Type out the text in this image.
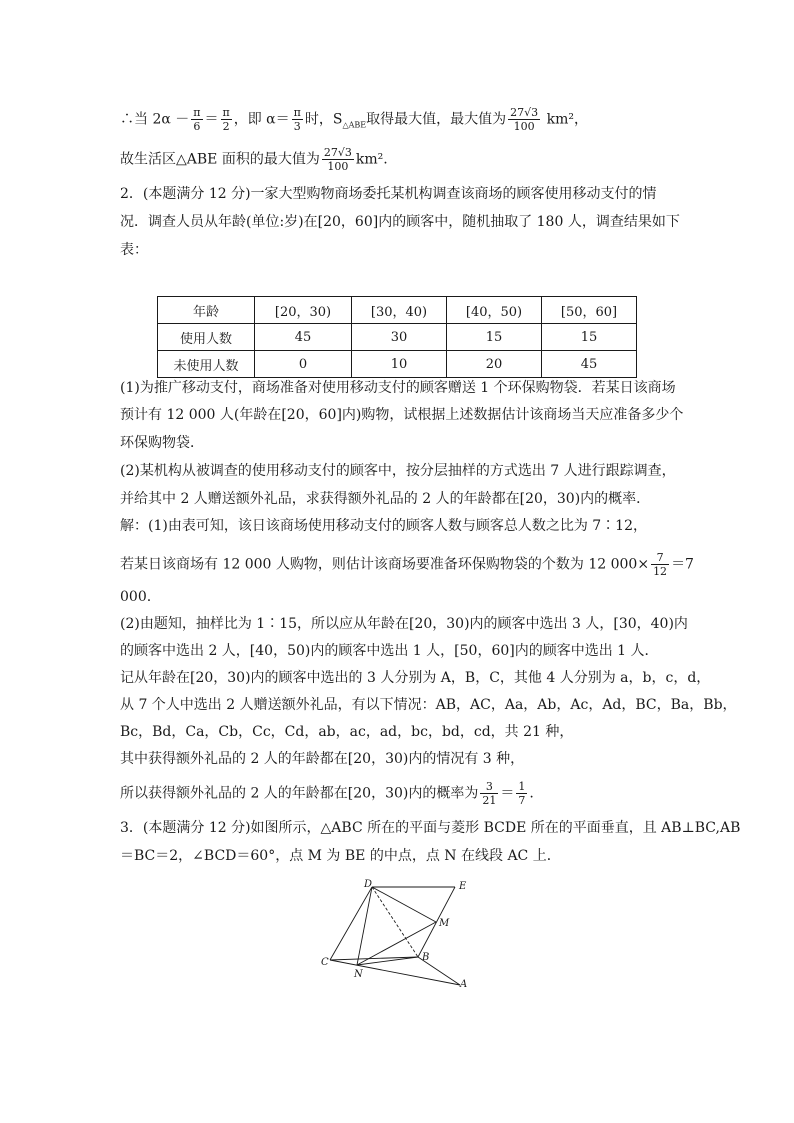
∴当 $2\alpha - \frac{\pi}{6} = \frac{\pi}{2}$ ，即 $\alpha= \frac{\pi}{3}$ 时，$S_{\triangle ABE}$取得最大值，最大值为 $\frac{27√3}{100} km^2$，
故生活区△ABE 面积的最大值为 $\frac{27√3}{100} km^2$.
2．(本题满分 12 分)一家大型购物商场委托某机构调查该商场的顾客使用移动支付的情
况．调查人员从年龄(单位:岁)在[20，60]内的顾客中，随机抽取了 180 人，调查结果如下
表：
年龄	[20，30)	[30，40)	[40，50)	[50，60]
使用人数	45	30	15	15
未使用人数	0	10	20	45
(1)为推广移动支付，商场准备对使用移动支付的顾客赠送 1 个环保购物袋．若某日该商场
预计有 12 000 人(年龄在[20，60]内)购物，试根据上述数据估计该商场当天应准备多少个
环保购物袋．
(2)某机构从被调查的使用移动支付的顾客中，按分层抽样的方式选出 7 人进行跟踪调查，
并给其中 2 人赠送额外礼品，求获得额外礼品的 2 人的年龄都在[20，30)内的概率．
解：(1)由表可知，该日该商场使用移动支付的顾客人数与顾客总人数之比为 7∶12，
若某日该商场有 12 000 人购物，则估计该商场要准备环保购物袋的个数为 12 $000\times \frac{7}{12} =7$
000.
(2)由题知，抽样比为 1∶15，所以应从年龄在[20，30)内的顾客中选出 3 人，[30，40)内
的顾客中选出 2 人，[40，50)内的顾客中选出 1 人，[50，60]内的顾客中选出 1 人．
记从年龄在[20，30)内的顾客中选出的 3 人分别为 A，B，C，其他 4 人分别为 a，b，c，d，
从 7 个人中选出 2 人赠送额外礼品，有以下情况：AB，AC，Aa，Ab，Ac，Ad，BC，Ba，Bb，
Bc，Bd，Ca，Cb，Cc，Cd，ab，ac，ad，bc，bd，cd，共 21 种，
其中获得额外礼品的 2 人的年龄都在[20，30)内的情况有 3 种，
所以获得额外礼品的 2 人的年龄都在[20，30)内的概率为 $\frac{3}{21} = \frac{1}{7}$ .
3．(本题满分 12 分)如图所示，△ABC 所在的平面与菱形 BCDE 所在的平面垂直，且 AB⊥BC,AB
＝BC＝2，∠BCD＝60°，点 M 为 BE 的中点，点 N 在线段 AC 上．
D	E
M
C
N
B
A
